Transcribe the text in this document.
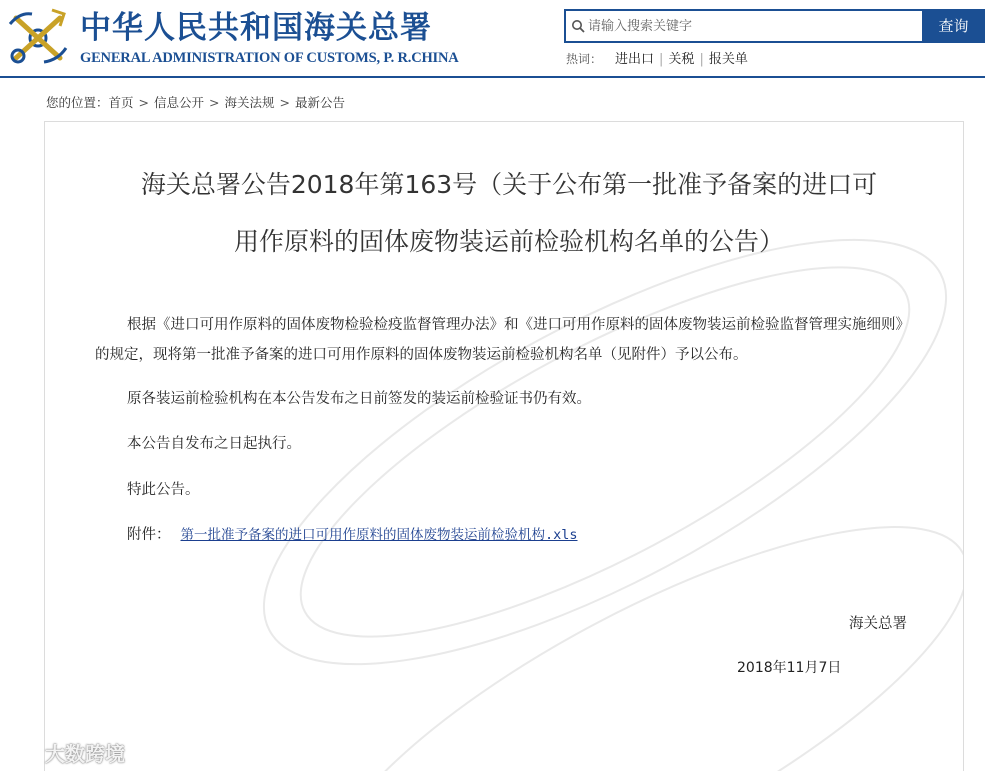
中华人民共和国海关总署
GENERAL ADMINISTRATION OF CUSTOMS, P. R.CHINA
请输入搜索关键字
查询
热词： 进出口 | 关税 | 报关单
您的位置：首页 > 信息公开 > 海关法规 > 最新公告
海关总署公告2018年第163号（关于公布第一批准予备案的进口可
用作原料的固体废物装运前检验机构名单的公告）
根据《进口可用作原料的固体废物检验检疫监督管理办法》和《进口可用作原料的固体废物装运前检验监督管理实施细则》的规定，现将第一批准予备案的进口可用作原料的固体废物装运前检验机构名单（见附件）予以公布。
原各装运前检验机构在本公告发布之日前签发的装运前检验证书仍有效。
本公告自发布之日起执行。
特此公告。
附件： 第一批准予备案的进口可用作原料的固体废物装运前检验机构.xls
海关总署
2018年11月7日
大数跨境
